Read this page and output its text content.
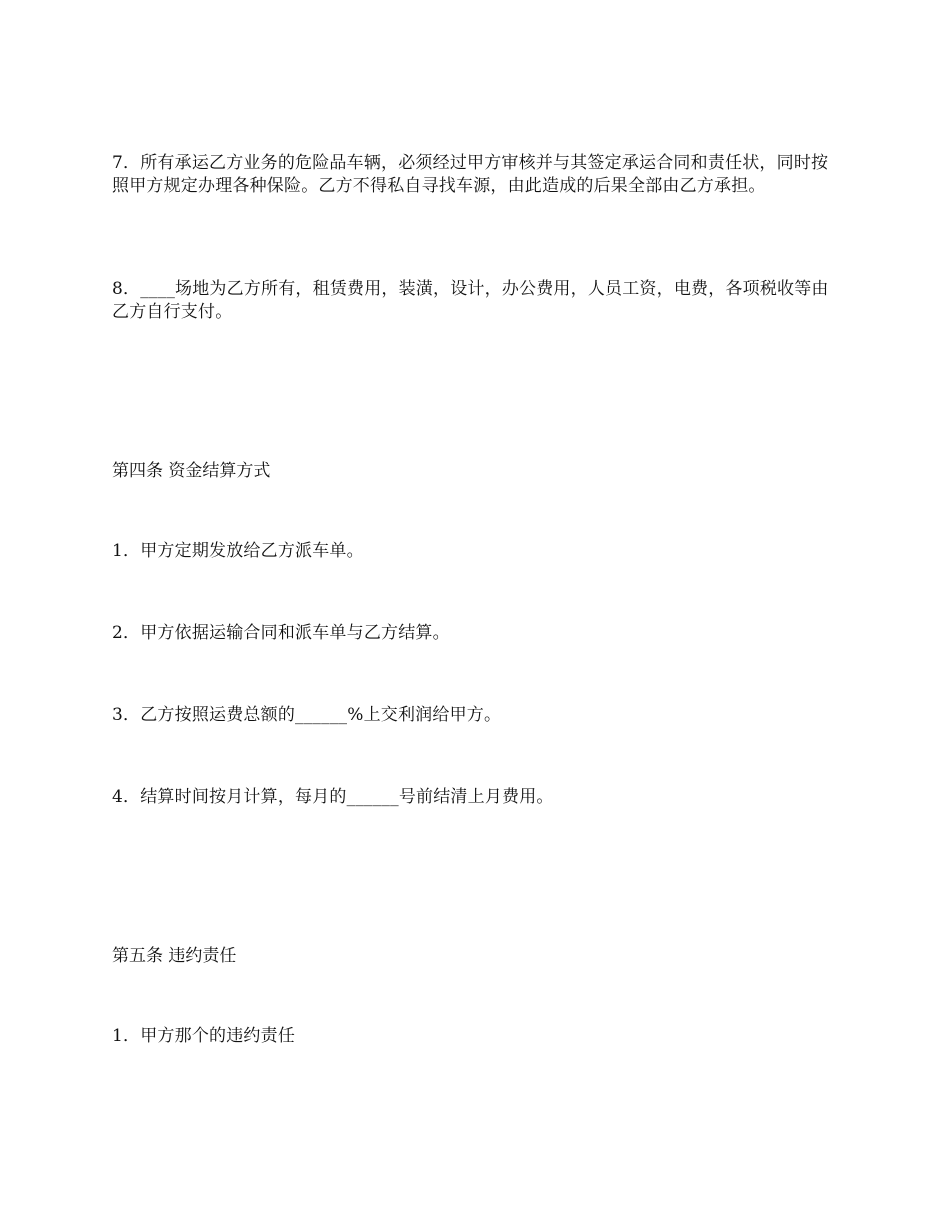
7．所有承运乙方业务的危险品车辆，必须经过甲方审核并与其签定承运合同和责任状，同时按照甲方规定办理各种保险。乙方不得私自寻找车源，由此造成的后果全部由乙方承担。

8．____场地为乙方所有，租赁费用，装潢，设计，办公费用，人员工资，电费，各项税收等由乙方自行支付。

第四条 资金结算方式

1．甲方定期发放给乙方派车单。

2．甲方依据运输合同和派车单与乙方结算。

3．乙方按照运费总额的______%上交利润给甲方。

4．结算时间按月计算，每月的______号前结清上月费用。

第五条 违约责任

1．甲方那个的违约责任
